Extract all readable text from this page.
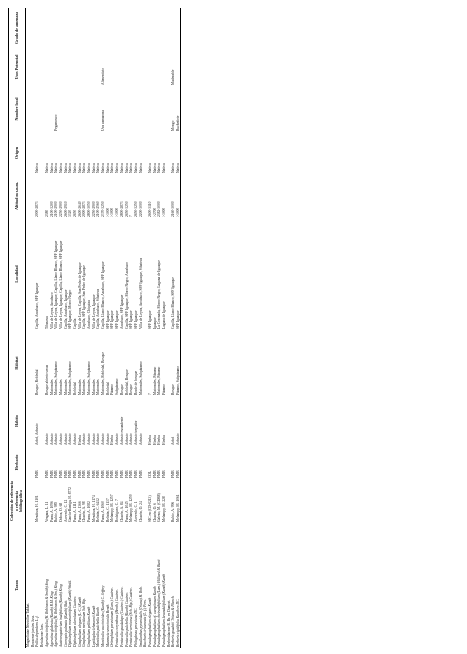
Taxon	Colección de referencia o referencia bibliográfica	Herbario	Hábito	Hábitat	Localidad	Altitud m s.n.m.	Origen	Nombre local	Usos Potencial	Grado de amenaza
Magnoliatae Nectrilier Takhat.										
Boraceae jussieu Juss.										
Pollia dependens L. f.	Mendoza, H. 1101	FMB	Árbol, Arbusto	Bosque, Robledal	Capilla, Arcabuco, SFF Iguaque	2000-2873	Nativa			
Betulaceae Juss.										
Ageratina tinifolia (H. Robinson & Smith) king	Vergara, L. 11	FMB	Arbusto	Bosque abierto secas	Tibasosa	2380	Nativa			
Ageratina glabrata (Kunth) R.M. King	Parra, A. 1096	FMB	Arbusto	Matorrales	Villa de Leyva, Arcabuco	2100-3200	Nativa			
Ageratina tinifolia (H. Robinson & Sm.) King	Rubio, A. 985	FMB	Arbusto	Matorrales, Subpáramo	Villa de Leyva, Iguaque, Capilla, Llano Blanco, SFF Iguaque	2100-2900	Nativa	Pegamosco		
Austroeupatorium inulifolium (Kunth) King	Ochoa, O. 68	FMB	Arbusto	Matorrales	Villa de Leyva, Iguaque, Capilla, Llano Blanco, SFF Iguaque	2250-2900	Nativa			
Coreopsis palmata (Kunth) Nutt.	Acevedo, C. 12	FMB	Arbusto	Matorrales	Capilla, Arcabuco, Iguaque	2600-2910	Nativa			
Diplostephium rosmarinifolium (Kunth) Wedd.	García-Barriga, H. 8772	FMB	Arbusto	Matorrales, Subpáramo	SFF Iguaque, Morro Negro	3320	Nativa			
Diplostephium alveolatum Cuatrec.	Parra, A. 1111	FMB	Arbusto	Robledal	Capilla	2650	Nativa			
Gnaphalium elegans (L.-C.) Kunth	Parra, A. 1366	FMB	Hierba	Matorrales	Villa de Leyva, Capilla, San Pedro de Iguaque	2600-2640	Nativa			
Gnaphalium meridanum Sch. Bip.	Chacón, A. 98	FMB	Arbusto	Matorrales	Capilla, SFF Iguaque, San Pedro de Iguaque	2000-2873	Nativa			
Gnaphalium pellitum Kunth	Parra, A. 1082	FMB	Arbusto	Matorrales, Subpáramo	Arcabuco, Chiquiza	2800-3050	Nativa			
Lepidaploa lehmannii Kunth	Mendoza, H. 1174	FMB	Arbusto	Matorrales	Villa de Leyva, Iguaque	2250-2900	Nativa			
Monticalia pulchella Kunth	Beltrán, C. 6412	FMB	Arbusto	Matorrales	Capilla, Arcabuco, Sibateca	2100-2560	Nativa			
Monticalia vaccinioides (Kunth) C. Jeffrey	Parra, A. 1060	FMB	Arbusto	Matorrales, Robledal, Bosque	Capilla, Llano Blanco, Arcabuco, SFF Iguaque	2370-3250	Nativa	Uva camarona	Alimenticio	
Munnozia senecionidis Benth.	Beltrán, C. 1137	FMB	Arbusto	Robledal	SFF Iguaque	>3000	Nativa			
Oritrophium peruvianum (Lam.) Cuatrec.	Melampy, M. 1257	FMB	Hierba	Páramo	SFF Iguaque	>3000	Nativa			
Pentacalia corymbosa (Benth.) Cuatrec.	Rodríguez, C. 7	FMB	Arbusto	Subpáramo	SFF Iguaque	>3000	Nativa			
Pentacalia guadalupe (Cuatrec.) Cuatrec.	Chacón, A. 84	FMB	Arbusto escandente	Bosque	Arcabuco, SFF Iguaque	2800-2873	Nativa			
Pentacalia pulchella (Kunth) Cuatrec.	Parra, A. 1045	FMB	Arbusto	Robledal, Bosque	Capilla, SFF Iguaque, Morro Negro, Arcabuco	2650-3250	Nativa			
Pentacalia vernicosa (Sch. Bip.) Cuatrec.	Melampy, M. 1259	FMB	Arbusto	Bosque	SFF Iguaque	?	Nativa			
Philoglossa peruviana DC.	Acevedo, C. 1	FMB	Arbusto trepador	Borde de bosque	SFF Iguaque	2650-3250	Nativa			
Smallanthus pyramidalis (Triana) H. Rob.	Chacón, O. 24	FMB	Arbusto	Matorrales, Subpáramo	Villa de Leyva, Arcabuco, SFF Iguaque, Sibateca	2200-3000	Nativa			
Baccharis tricuneata (L. f.) Pers.										
Pseudognaphalium elegans Kunth	SIC en (CD-0213)	COL	Hierba	?	SFF Iguaque	2600-3110	Nativa			
Pseudognaphalium cf. caespitosum Kunth	Chacón, O. 6	FMB	Hierba	Matorrales, Páramo	Iguaque	>2700	Nativa			
Pseudognaphalium cheiranthifolium (Lam.) Hilliard & Burtt	Galeno, M. (CDB8)	FMB	Hierba	Matorrales, Páramo	La Coronada, Morro Negro, Laguna de Iguaque	2382-3000	Nativa			
Pseudognaphalium lavandulifolium (Kunth) Kunth	Melampy, M. 228	FMB	Hierba	Páramo	Laguna de Iguaque	>3000	Nativa			
Berberidaceae R. Br. ex Dumort.										
Berberis goudotii Triana & Planch.	Rubio, A. 996	FMB	Árbol	Bosque	Capilla, Llano Blanco, SFF Iguaque	2160-3000	Nativa	Mongo	Maderable	
Berberis rigidifolia Kunth ex DC.	Melampy, M. 1061	FMB	Arbusto	Páramo, Subpáramo	SFF Iguaque	>3000	Nativa	Rucheñote		
